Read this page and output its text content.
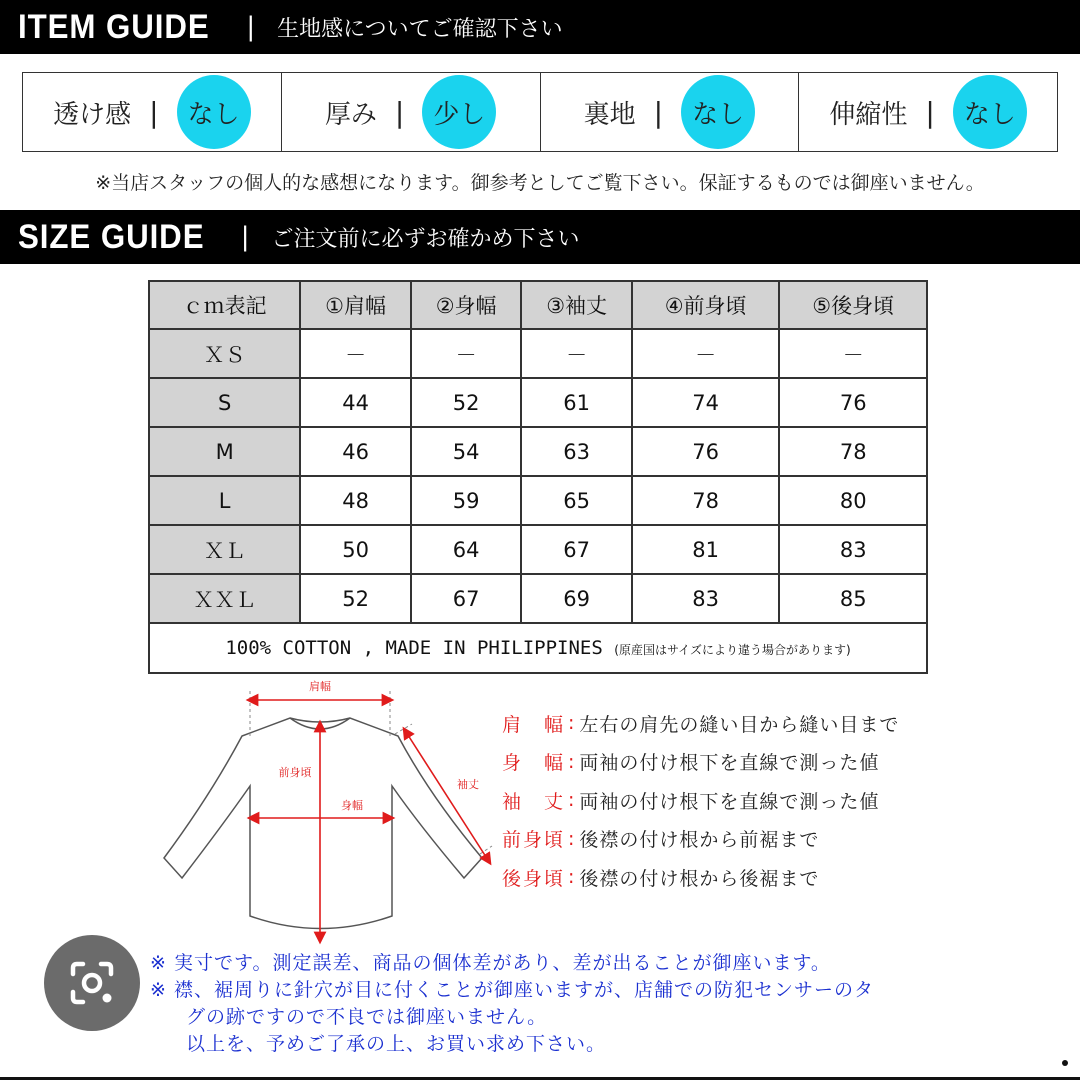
ITEM GUIDE | 生地感についてご確認下さい
透け感 |	なし	厚み |	少し	裏地 |	なし	伸縮性 |	なし
※当店スタッフの個人的な感想になります。御参考としてご覧下さい。保証するものでは御座いません。
SIZE GUIDE | ご注文前に必ずお確かめ下さい
ｃｍ表記	①肩幅	②身幅	③袖丈	④前身頃	⑤後身頃
ＸＳ	－	－	－	－	－
S	44	52	61	74	76
M	46	54	63	76	78
L	48	59	65	78	80
ＸＬ	50	64	67	81	83
ＸＸＬ	52	67	69	83	85
100% COTTON , MADE IN PHILIPPINES (原産国はサイズにより違う場合があります)					
肩幅
前身頃
身幅
袖丈
肩幅 : 左右の肩先の縫い目から縫い目まで
身幅 : 両袖の付け根下を直線で測った値
袖丈 : 両袖の付け根下を直線で測った値
前身頃 : 後襟の付け根から前裾まで
後身頃 : 後襟の付け根から後裾まで
※ 実寸です。測定誤差、商品の個体差があり、差が出ることが御座います。
※ 襟、裾周りに針穴が目に付くことが御座いますが、店舗での防犯センサーのタ
グの跡ですので不良では御座いません。
以上を、予めご了承の上、お買い求め下さい。
